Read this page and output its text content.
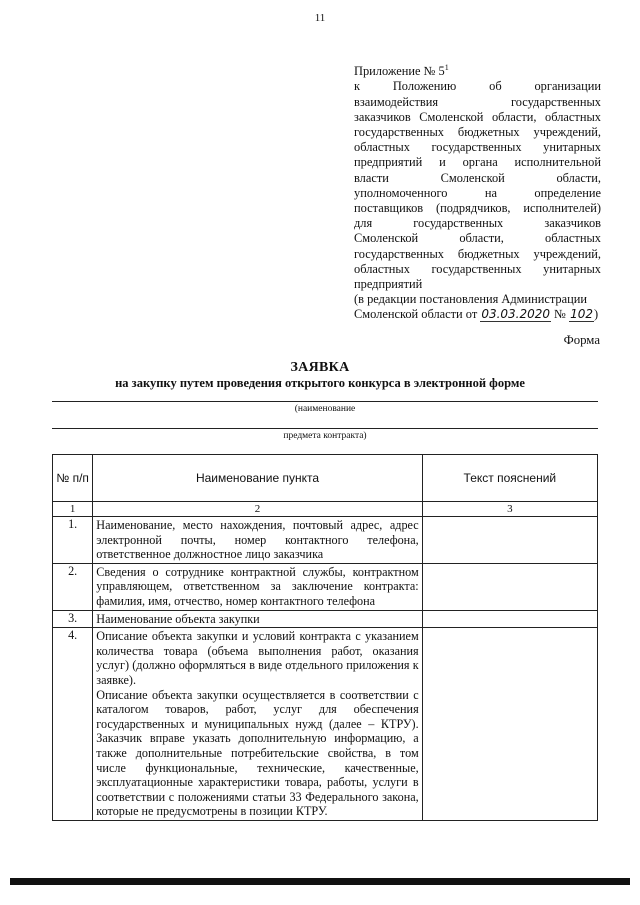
11

Приложение № $5^1$

к Положению об организации
взаимодействия государственных
заказчиков Смоленской области, областных
государственных бюджетных учреждений,
областных государственных унитарных
предприятий и органа исполнительной
власти Смоленской области,
уполномоченного на определение
поставщиков (подрядчиков, исполнителей)
для государственных заказчиков
Смоленской области, областных
государственных бюджетных учреждений,
областных государственных унитарных
предприятий
(в редакции постановления Администрации
Смоленской области от 03.03.2020 № 102)
Форма
ЗАЯВКА
на закупку путем проведения открытого конкурса в электронной форме
(наименование
предмета контракта)
№ п/п	Наименование пункта	Текст пояснений
1	2	3
1.	Наименование, место нахождения, почтовый адрес, адрес электронной почты, номер контактного телефона, ответственное должностное лицо заказчика	

2.	Сведения о сотруднике контрактной службы, контрактном управляющем, ответственном за заключение контракта: фамилия, имя, отчество, номер контактного телефона	

3.	Наименование объекта закупки	

4.	Описание объекта закупки и условий контракта с указанием количества товара (объема выполнения работ, оказания услуг) (должно оформляться в виде отдельного приложения к заявке).

Описание объекта закупки осуществляется в соответствии с каталогом товаров, работ, услуг для обеспечения государственных и муниципальных нужд (далее – КТРУ). Заказчик вправе указать дополнительную информацию, а также дополнительные потребительские свойства, в том числе функциональные, технические, качественные, эксплуатационные характеристики товара, работы, услуги в соответствии с положениями статьи 33 Федерального закона, которые не предусмотрены в позиции КТРУ.	
